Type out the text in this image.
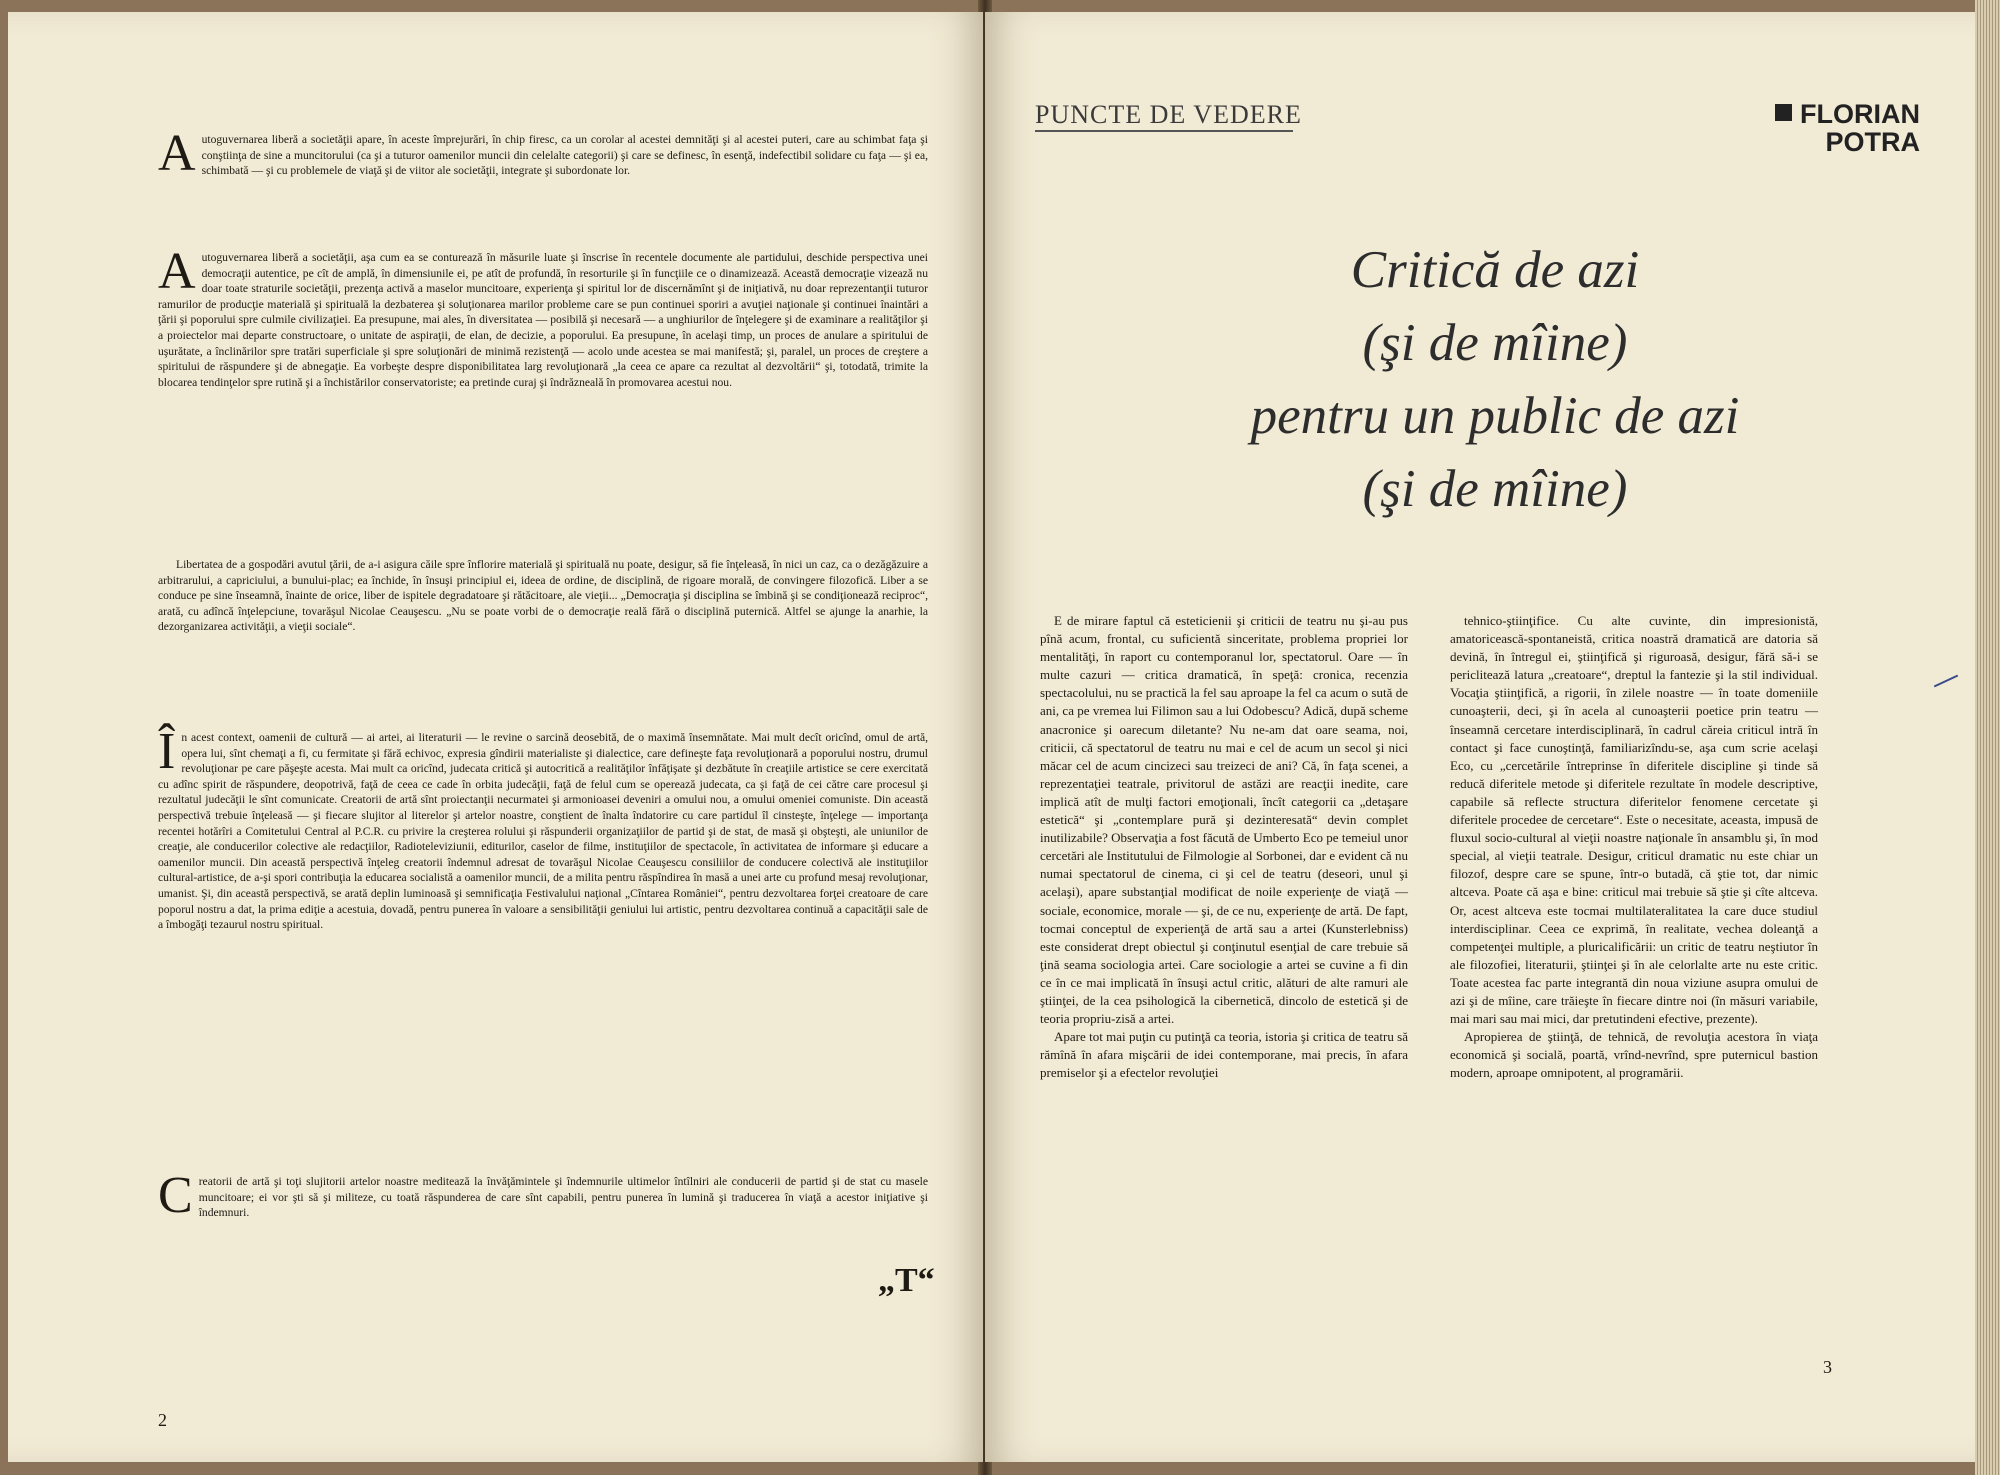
A utoguvernarea liberă a societăţii apare, în aceste împrejurări, în chip firesc, ca un corolar al acestei demnităţi şi al acestei puteri, care au schimbat faţa şi conştiinţa de sine a muncitorului (ca şi a tuturor oamenilor muncii din celelalte categorii) şi care se definesc, în esenţă, indefectibil solidare cu faţa — şi ea, schimbată — şi cu problemele de viaţă şi de viitor ale societăţii, integrate şi subordonate lor.
A utoguvernarea liberă a societăţii, aşa cum ea se conturează în măsurile luate şi înscrise în recentele documente ale partidului, deschide perspectiva unei democraţii autentice, pe cît de amplă, în dimensiunile ei, pe atît de profundă, în resorturile şi în funcţiile ce o dinamizează. Această democraţie vizează nu doar toate straturile societăţii, prezenţa activă a maselor muncitoare, experienţa şi spiritul lor de discernămînt şi de iniţiativă, nu doar reprezentanţii tuturor ramurilor de producţie materială şi spirituală la dezbaterea şi soluţionarea marilor probleme care se pun continuei sporiri a avuţiei naţionale şi continuei înaintări a ţării şi poporului spre culmile civilizaţiei. Ea presupune, mai ales, în diversitatea — posibilă şi necesară — a unghiurilor de înţelegere şi de examinare a realităţilor şi a proiectelor mai departe constructoare, o unitate de aspiraţii, de elan, de decizie, a poporului. Ea presupune, în acelaşi timp, un proces de anulare a spiritului de uşurătate, a înclinărilor spre tratări superficiale şi spre soluţionări de minimă rezistenţă — acolo unde acestea se mai manifestă; şi, paralel, un proces de creştere a spiritului de răspundere şi de abnegaţie. Ea vorbeşte despre disponibilitatea larg revoluţionară „la ceea ce apare ca rezultat al dezvoltării“ şi, totodată, trimite la blocarea tendinţelor spre rutină şi a închistărilor conservatoriste; ea pretinde curaj şi îndrăzneală în promovarea acestui nou.

Libertatea de a gospodări avutul ţării, de a-i asigura căile spre înflorire materială şi spirituală nu poate, desigur, să fie înţeleasă, în nici un caz, ca o dezăgăzuire a arbitrarului, a capriciului, a bunului-plac; ea închide, în însuşi principiul ei, ideea de ordine, de disciplină, de rigoare morală, de convingere filozofică. Liber a se conduce pe sine înseamnă, înainte de orice, liber de ispitele degradatoare şi rătăcitoare, ale vieţii... „Democraţia şi disciplina se îmbină şi se condiţionează reciproc“, arată, cu adîncă înţelepciune, tovarăşul Nicolae Ceauşescu. „Nu se poate vorbi de o democraţie reală fără o disciplină puternică. Altfel se ajunge la anarhie, la dezorganizarea activităţii, a vieţii sociale“.

Î n acest context, oamenii de cultură — ai artei, ai literaturii — le revine o sarcină deosebită, de o maximă însemnătate. Mai mult decît oricînd, omul de artă, opera lui, sînt chemaţi a fi, cu fermitate şi fără echivoc, expresia gîndirii materialiste şi dialectice, care defineşte faţa revoluţionară a poporului nostru, drumul revoluţionar pe care păşeşte acesta. Mai mult ca oricînd, judecata critică şi autocritică a realităţilor înfăţişate şi dezbătute în creaţiile artistice se cere exercitată cu adînc spirit de răspundere, deopotrivă, faţă de ceea ce cade în orbita judecăţii, faţă de felul cum se operează judecata, ca şi faţă de cei către care procesul şi rezultatul judecăţii le sînt comunicate. Creatorii de artă sînt proiectanţii necurmatei şi armonioasei deveniri a omului nou, a omului omeniei comuniste. Din această perspectivă trebuie înţeleasă — şi fiecare slujitor al literelor şi artelor noastre, conştient de înalta îndatorire cu care partidul îl cinsteşte, înţelege — importanţa recentei hotărîri a Comitetului Central al P.C.R. cu privire la creşterea rolului şi răspunderii organizaţiilor de partid şi de stat, de masă şi obşteşti, ale uniunilor de creaţie, ale conducerilor colective ale redacţiilor, Radioteleviziunii, editurilor, caselor de filme, instituţiilor de spectacole, în activitatea de informare şi educare a oamenilor muncii. Din această perspectivă înţeleg creatorii îndemnul adresat de tovarăşul Nicolae Ceauşescu consiliilor de conducere colectivă ale instituţiilor cultural-artistice, de a-şi spori contribuţia la educarea socialistă a oamenilor muncii, de a milita pentru răspîndirea în masă a unei arte cu profund mesaj revoluţionar, umanist. Şi, din această perspectivă, se arată deplin luminoasă şi semnificaţia Festivalului naţional „Cîntarea României“, pentru dezvoltarea forţei creatoare de care poporul nostru a dat, la prima ediţie a acestuia, dovadă, pentru punerea în valoare a sensibilităţii geniului lui artistic, pentru dezvoltarea continuă a capacităţii sale de a îmbogăţi tezaurul nostru spiritual.
C reatorii de artă şi toţi slujitorii artelor noastre meditează la învăţămintele şi îndemnurile ultimelor întîlniri ale conducerii de partid şi de stat cu masele muncitoare; ei vor şti să şi militeze, cu toată răspunderea de care sînt capabili, pentru punerea în lumină şi traducerea în viaţă a acestor iniţiative şi îndemnuri.
„T“
2
PUNCTE DE VEDERE	FLORIAN
POTRA
Critică de azi
(şi de mîine)
pentru un public de azi
(şi de mîine)

E de mirare faptul că esteticienii şi criticii de teatru nu şi-au pus pînă acum, frontal, cu suficientă sinceritate, problema propriei lor mentalităţi, în raport cu contemporanul lor, spectatorul. Oare — în multe cazuri — critica dramatică, în speţă: cronica, recenzia spectacolului, nu se practică la fel sau aproape la fel ca acum o sută de ani, ca pe vremea lui Filimon sau a lui Odobescu? Adică, după scheme anacronice şi oarecum diletante? Nu ne-am dat oare seama, noi, criticii, că spectatorul de teatru nu mai e cel de acum un secol şi nici măcar cel de acum cincizeci sau treizeci de ani? Că, în faţa scenei, a reprezentaţiei teatrale, privitorul de astăzi are reacţii inedite, care implică atît de mulţi factori emoţionali, încît categorii ca „detaşare estetică“ şi „contemplare pură şi dezinteresată“ devin complet inutilizabile? Observaţia a fost făcută de Umberto Eco pe temeiul unor cercetări ale Institutului de Filmologie al Sorbonei, dar e evident că nu numai spectatorul de cinema, ci şi cel de teatru (deseori, unul şi acelaşi), apare substanţial modificat de noile experienţe de viaţă — sociale, economice, morale — şi, de ce nu, experienţe de artă. De fapt, tocmai conceptul de experienţă de artă sau a artei (Kunsterlebniss) este considerat drept obiectul şi conţinutul esenţial de care trebuie să ţină seama sociologia artei. Care sociologie a artei se cuvine a fi din ce în ce mai implicată în însuşi actul critic, alături de alte ramuri ale ştiinţei, de la cea psihologică la cibernetică, dincolo de estetică şi de teoria propriu-zisă a artei.

Apare tot mai puţin cu putinţă ca teoria, istoria şi critica de teatru să rămînă în afara mişcării de idei contemporane, mai precis, în afara premiselor şi a efectelor revoluţiei

tehnico-ştiinţifice. Cu alte cuvinte, din impresionistă, amatoricească-spontaneistă, critica noastră dramatică are datoria să devină, în întregul ei, ştiinţifică şi riguroasă, desigur, fără să-i se periclitează latura „creatoare“, dreptul la fantezie şi la stil individual. Vocaţia ştiinţifică, a rigorii, în zilele noastre — în toate domeniile cunoaşterii, deci, şi în acela al cunoaşterii poetice prin teatru — înseamnă cercetare interdisciplinară, în cadrul căreia criticul intră în contact şi face cunoştinţă, familiarizîndu-se, aşa cum scrie acelaşi Eco, cu „cercetările întreprinse în diferitele discipline şi tinde să reducă diferitele metode şi diferitele rezultate în modele descriptive, capabile să reflecte structura diferitelor fenomene cercetate şi diferitele procedee de cercetare“. Este o necesitate, aceasta, impusă de fluxul socio-cultural al vieţii noastre naţionale în ansamblu şi, în mod special, al vieţii teatrale. Desigur, criticul dramatic nu este chiar un filozof, despre care se spune, într-o butadă, că ştie tot, dar nimic altceva. Poate că aşa e bine: criticul mai trebuie să ştie şi cîte altceva. Or, acest altceva este tocmai multilateralitatea la care duce studiul interdisciplinar. Ceea ce exprimă, în realitate, vechea doleanţă a competenţei multiple, a pluricalificării: un critic de teatru neştiutor în ale filozofiei, literaturii, ştiinţei şi în ale celorlalte arte nu este critic. Toate acestea fac parte integrantă din noua viziune asupra omului de azi şi de mîine, care trăieşte în fiecare dintre noi (în măsuri variabile, mai mari sau mai mici, dar pretutindeni efective, prezente).

Apropierea de ştiinţă, de tehnică, de revoluţia acestora în viaţa economică şi socială, poartă, vrînd-nevrînd, spre puternicul bastion modern, aproape omnipotent, al programării.

3
